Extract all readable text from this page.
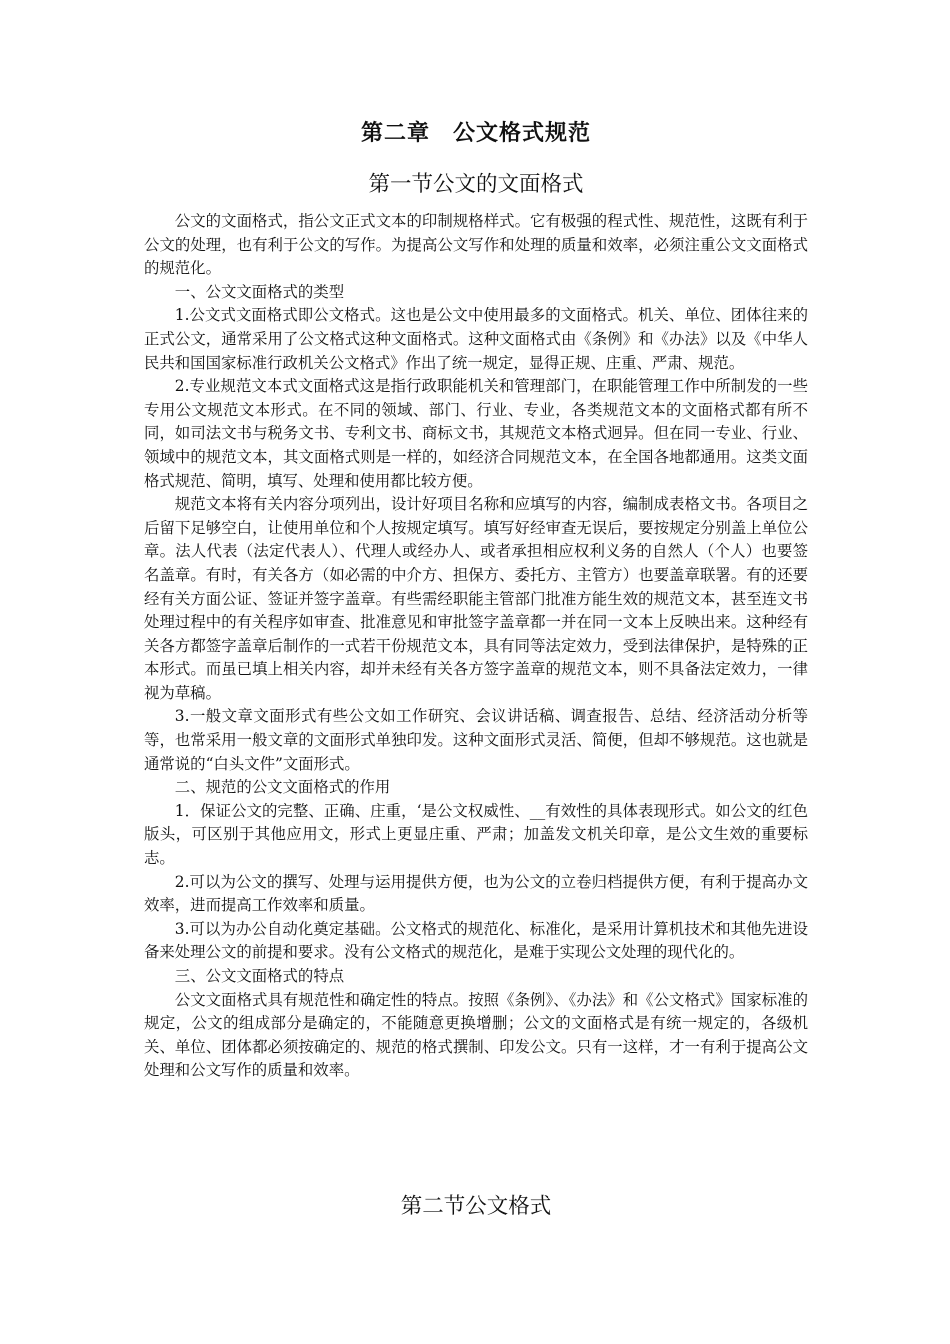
第二章　公文格式规范
第一节公文的文面格式

公文的文面格式，指公文正式文本的印制规格样式。它有极强的程式性、规范性，这既有利于公文的处理，也有利于公文的写作。为提高公文写作和处理的质量和效率，必须注重公文文面格式的规范化。

一、公文文面格式的类型

1.公文式文面格式即公文格式。这也是公文中使用最多的文面格式。机关、单位、团体往来的正式公文，通常采用了公文格式这种文面格式。这种文面格式由《条例》和《办法》以及《中华人民共和国国家标准行政机关公文格式》作出了统一规定，显得正规、庄重、严肃、规范。

2.专业规范文本式文面格式这是指行政职能机关和管理部门，在职能管理工作中所制发的一些专用公文规范文本形式。在不同的领域、部门、行业、专业，各类规范文本的文面格式都有所不同，如司法文书与税务文书、专利文书、商标文书，其规范文本格式迥异。但在同一专业、行业、领域中的规范文本，其文面格式则是一样的，如经济合同规范文本，在全国各地都通用。这类文面格式规范、简明，填写、处理和使用都比较方便。

规范文本将有关内容分项列出，设计好项目名称和应填写的内容，编制成表格文书。各项目之后留下足够空白，让使用单位和个人按规定填写。填写好经审查无误后，要按规定分别盖上单位公章。法人代表（法定代表人）、代理人或经办人、或者承担相应权利义务的自然人（个人）也要签名盖章。有时，有关各方（如必需的中介方、担保方、委托方、主管方）也要盖章联署。有的还要经有关方面公证、签证并签字盖章。有些需经职能主管部门批准方能生效的规范文本，甚至连文书处理过程中的有关程序如审查、批准意见和审批签字盖章都一并在同一文本上反映出来。这种经有关各方都签字盖章后制作的一式若干份规范文本，具有同等法定效力，受到法律保护，是特殊的正本形式。而虽已填上相关内容，却并未经有关各方签字盖章的规范文本，则不具备法定效力，一律视为草稿。

3.一般文章文面形式有些公文如工作研究、会议讲话稿、调查报告、总结、经济活动分析等等，也常采用一般文章的文面形式单独印发。这种文面形式灵活、简便，但却不够规范。这也就是通常说的“白头文件”文面形式。

二、规范的公文文面格式的作用

1．保证公文的完整、正确、庄重，‘是公文权威性、__有效性的具体表现形式。如公文的红色版头，可区别于其他应用文，形式上更显庄重、严肃；加盖发文机关印章，是公文生效的重要标志。

2.可以为公文的撰写、处理与运用提供方便，也为公文的立卷归档提供方便，有利于提高办文效率，进而提高工作效率和质量。

3.可以为办公自动化奠定基础。公文格式的规范化、标准化，是采用计算机技术和其他先进设备来处理公文的前提和要求。没有公文格式的规范化，是难于实现公文处理的现代化的。

三、公文文面格式的特点

公文文面格式具有规范性和确定性的特点。按照《条例》、《办法》和《公文格式》国家标准的规定，公文的组成部分是确定的，不能随意更换增删；公文的文面格式是有统一规定的，各级机关、单位、团体都必须按确定的、规范的格式撰制、印发公文。只有一这样，才一有利于提高公文处理和公文写作的质量和效率。

第二节公文格式
